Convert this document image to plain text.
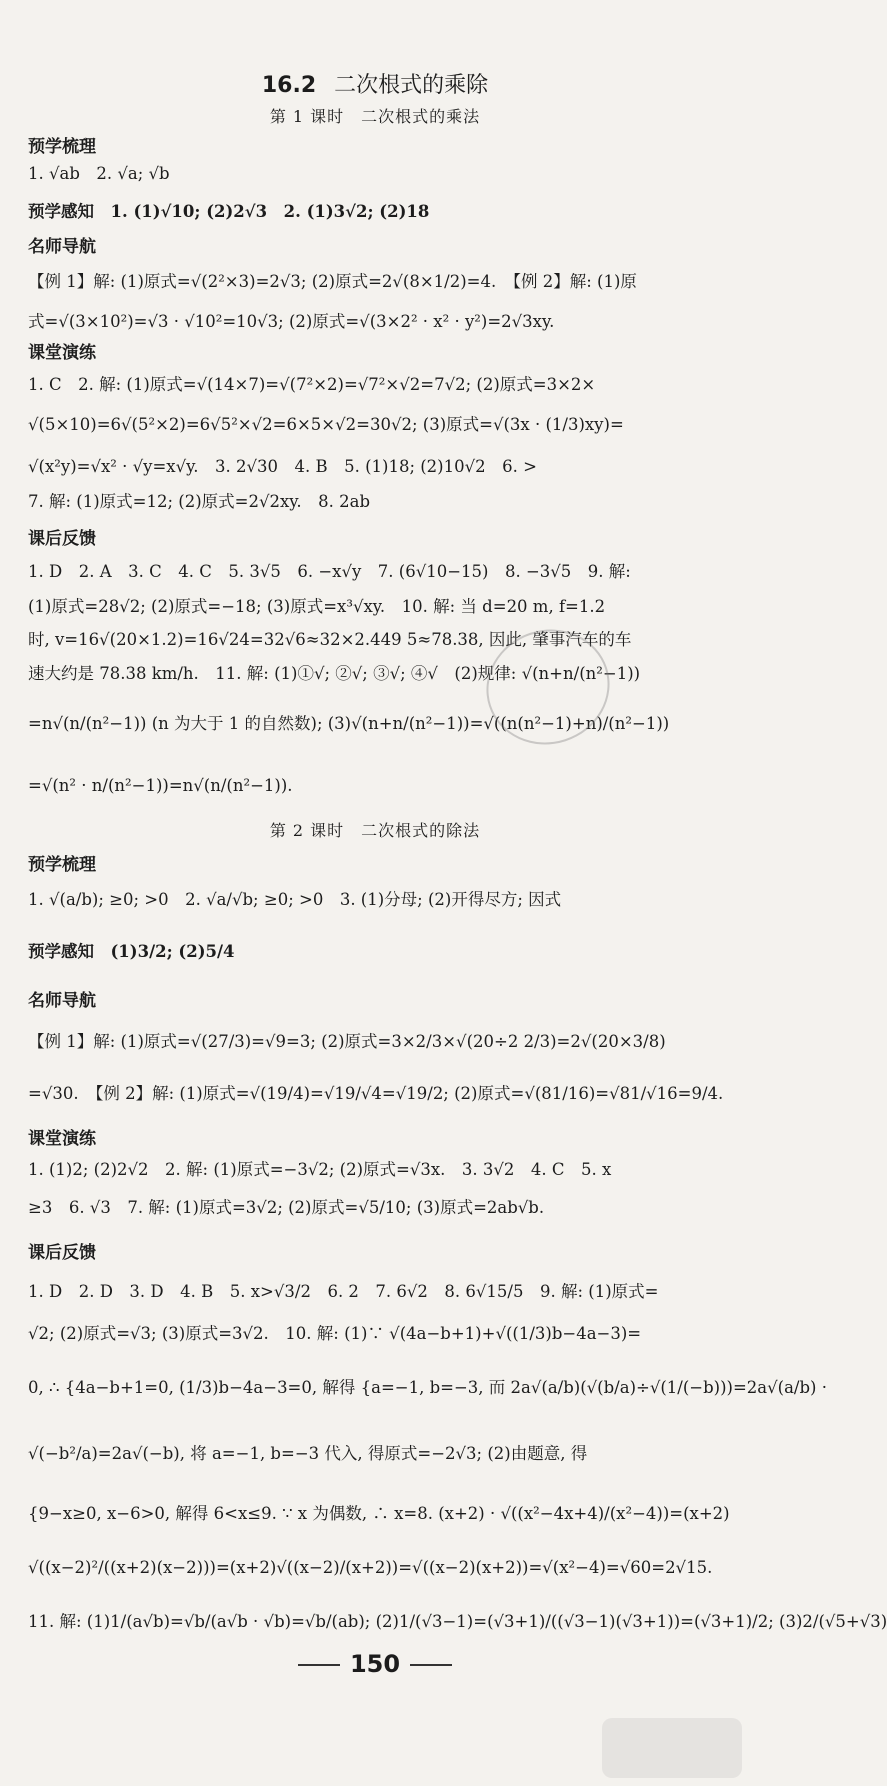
16.2 二次根式的乘除
第 1 课时　二次根式的乘法
预学梳理
1. √ab　2. √a; √b
预学感知　1. (1)√10; (2)2√3　2. (1)3√2; (2)18
名师导航
【例 1】解: (1)原式=√(2²×3)=2√3; (2)原式=2√(8×1/2)=4.　【例 2】解: (1)原
式=√(3×10²)=√3 · √10²=10√3; (2)原式=√(3×2² · x² · y²)=2√3xy.
课堂演练
1. C　2. 解: (1)原式=√(14×7)=√(7²×2)=√7²×√2=7√2; (2)原式=3×2×
√(5×10)=6√(5²×2)=6√5²×√2=6×5×√2=30√2; (3)原式=√(3x · (1/3)xy)=
√(x²y)=√x² · √y=x√y.　3. 2√30　4. B　5. (1)18; (2)10√2　6. >
7. 解: (1)原式=12; (2)原式=2√2xy.　8. 2ab
课后反馈
1. D　2. A　3. C　4. C　5. 3√5　6. −x√y　7. (6√10−15)　8. −3√5　9. 解:
(1)原式=28√2; (2)原式=−18; (3)原式=x³√xy.　10. 解: 当 d=20 m, f=1.2
时, v=16√(20×1.2)=16√24=32√6≈32×2.449 5≈78.38, 因此, 肇事汽车的车
速大约是 78.38 km/h.　11. 解: (1)①√; ②√; ③√; ④√　(2)规律: √(n+n/(n²−1))
=n√(n/(n²−1)) (n 为大于 1 的自然数); (3)√(n+n/(n²−1))=√((n(n²−1)+n)/(n²−1))
=√(n² · n/(n²−1))=n√(n/(n²−1)).
第 2 课时　二次根式的除法
预学梳理
1. √(a/b); ≥0; >0　2. √a/√b; ≥0; >0　3. (1)分母; (2)开得尽方; 因式
预学感知　(1)3/2; (2)5/4
名师导航
【例 1】解: (1)原式=√(27/3)=√9=3; (2)原式=3×2/3×√(20÷2 2/3)=2√(20×3/8)
=√30.　【例 2】解: (1)原式=√(19/4)=√19/√4=√19/2; (2)原式=√(81/16)=√81/√16=9/4.
课堂演练
1. (1)2; (2)2√2　2. 解: (1)原式=−3√2; (2)原式=√3x.　3. 3√2　4. C　5. x
≥3　6. √3　7. 解: (1)原式=3√2; (2)原式=√5/10; (3)原式=2ab√b.
课后反馈
1. D　2. D　3. D　4. B　5. x>√3/2　6. 2　7. 6√2　8. 6√15/5　9. 解: (1)原式=
√2; (2)原式=√3; (3)原式=3√2.　10. 解: (1)∵ √(4a−b+1)+√((1/3)b−4a−3)=
0, ∴ {4a−b+1=0, (1/3)b−4a−3=0, 解得 {a=−1, b=−3, 而 2a√(a/b)(√(b/a)÷√(1/(−b)))=2a√(a/b) ·
√(−b²/a)=2a√(−b), 将 a=−1, b=−3 代入, 得原式=−2√3; (2)由题意, 得
{9−x≥0, x−6>0, 解得 6<x≤9. ∵ x 为偶数, ∴ x=8. (x+2) · √((x²−4x+4)/(x²−4))=(x+2)
√((x−2)²/((x+2)(x−2)))=(x+2)√((x−2)/(x+2))=√((x−2)(x+2))=√(x²−4)=√60=2√15.
11. 解: (1)1/(a√b)=√b/(a√b · √b)=√b/(ab); (2)1/(√3−1)=(√3+1)/((√3−1)(√3+1))=(√3+1)/2; (3)2/(√5+√3)
150
